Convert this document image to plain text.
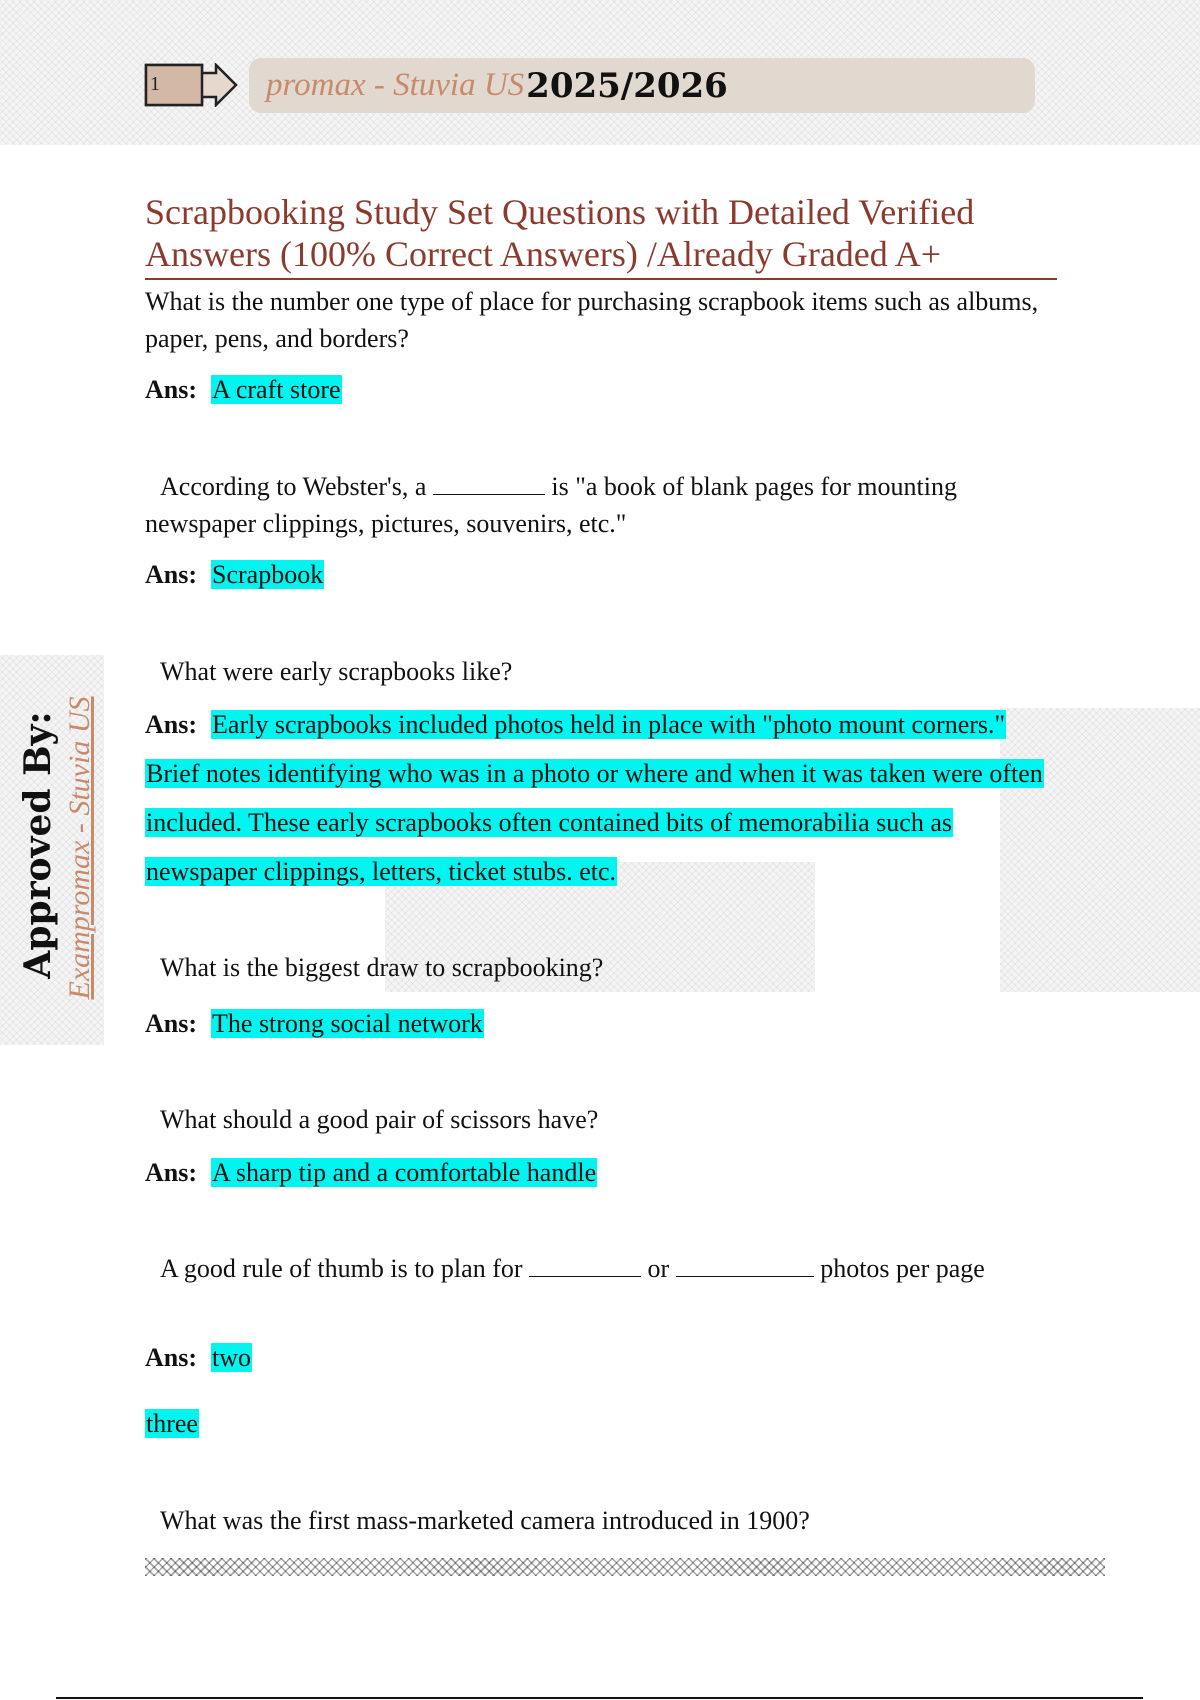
1	promax - Stuvia US 2025/2026
Approved By: Exampromax - Stuvia US
Scrapbooking Study Set Questions with Detailed Verified Answers (100% Correct Answers) /Already Graded A+

What is the number one type of place for purchasing scrapbook items such as albums, paper, pens, and borders?

Ans: A craft store

According to Webster's, a	is "a book of blank pages for mounting newspaper clippings, pictures, souvenirs, etc."

Ans: Scrapbook

What were early scrapbooks like?

Ans: Early scrapbooks included photos held in place with "photo mount corners." Brief notes identifying who was in a photo or where and when it was taken were often included. These early scrapbooks often contained bits of memorabilia such as newspaper clippings, letters, ticket stubs. etc.

What is the biggest draw to scrapbooking?

Ans: The strong social network

What should a good pair of scissors have?

Ans: A sharp tip and a comfortable handle

A good rule of thumb is to plan for	or	photos per page

Ans: two
three

What was the first mass-marketed camera introduced in 1900?
